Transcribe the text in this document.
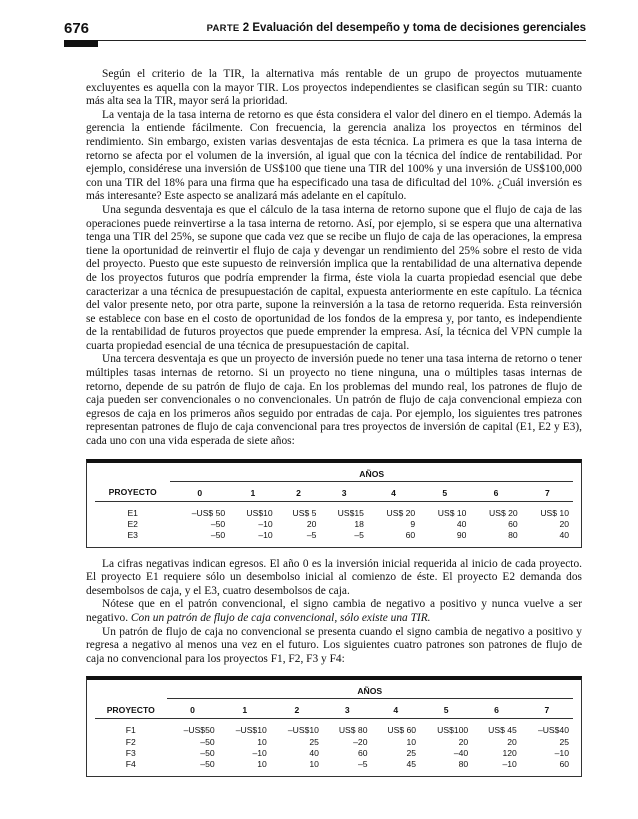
676	PARTE 2 Evaluación del desempeño y toma de decisiones gerenciales

Según el criterio de la TIR, la alternativa más rentable de un grupo de proyectos mutuamente excluyentes es aquella con la mayor TIR. Los proyectos independientes se clasifican según su TIR: cuanto más alta sea la TIR, mayor será la prioridad.

La ventaja de la tasa interna de retorno es que ésta considera el valor del dinero en el tiempo. Además la gerencia la entiende fácilmente. Con frecuencia, la gerencia analiza los proyectos en términos del rendimiento. Sin embargo, existen varias desventajas de esta técnica. La primera es que la tasa interna de retorno se afecta por el volumen de la inversión, al igual que con la técnica del índice de rentabilidad. Por ejemplo, considérese una inversión de US$100 que tiene una TIR del 100% y una inversión de US$100,000 con una TIR del 18% para una firma que ha especificado una tasa de dificultad del 10%. ¿Cuál inversión es más interesante? Este aspecto se analizará más adelante en el capítulo.

Una segunda desventaja es que el cálculo de la tasa interna de retorno supone que el flujo de caja de las operaciones puede reinvertirse a la tasa interna de retorno. Así, por ejemplo, si se espera que una alternativa tenga una TIR del 25%, se supone que cada vez que se recibe un flujo de caja de las operaciones, la empresa tiene la oportunidad de reinvertir el flujo de caja y devengar un rendimiento del 25% sobre el resto de vida del proyecto. Puesto que este supuesto de reinversión implica que la rentabilidad de una alternativa depende de los proyectos futuros que podría emprender la firma, éste viola la cuarta propiedad esencial que debe caracterizar a una técnica de presupuestación de capital, expuesta anteriormente en este capítulo. La técnica del valor presente neto, por otra parte, supone la reinversión a la tasa de retorno requerida. Esta reinversión se establece con base en el costo de oportunidad de los fondos de la empresa y, por tanto, es independiente de la rentabilidad de futuros proyectos que puede emprender la empresa. Así, la técnica del VPN cumple la cuarta propiedad esencial de una técnica de presupuestación de capital.

Una tercera desventaja es que un proyecto de inversión puede no tener una tasa interna de retorno o tener múltiples tasas internas de retorno. Si un proyecto no tiene ninguna, una o múltiples tasas internas de retorno, depende de su patrón de flujo de caja. En los problemas del mundo real, los patrones de flujo de caja pueden ser convencionales o no convencionales. Un patrón de flujo de caja convencional empieza con egresos de caja en los primeros años seguido por entradas de caja. Por ejemplo, los siguientes tres patrones representan patrones de flujo de caja convencional para tres proyectos de inversión de capital (E1, E2 y E3), cada uno con una vida esperada de siete años:

	AÑOS							
PROYECTO	0	1	2	3	4	5	6	7
E1	–US$ 50	US$10	US$ 5	US$15	US$ 20	US$ 10	US$ 20	US$ 10
E2	–50	–10	20	18	9	40	60	20
E3	–50	–10	–5	–5	60	90	80	40

La cifras negativas indican egresos. El año 0 es la inversión inicial requerida al inicio de cada proyecto. El proyecto E1 requiere sólo un desembolso inicial al comienzo de éste. El proyecto E2 demanda dos desembolsos de caja, y el E3, cuatro desembolsos de caja.

Nótese que en el patrón convencional, el signo cambia de negativo a positivo y nunca vuelve a ser negativo. Con un patrón de flujo de caja convencional, sólo existe una TIR.

Un patrón de flujo de caja no convencional se presenta cuando el signo cambia de negativo a positivo y regresa a negativo al menos una vez en el futuro. Los siguientes cuatro patrones son patrones de flujo de caja no convencional para los proyectos F1, F2, F3 y F4:

	AÑOS							
PROYECTO	0	1	2	3	4	5	6	7
F1	–US$50	–US$10	–US$10	US$ 80	US$ 60	US$100	US$ 45	–US$40
F2	–50	10	25	–20	10	20	20	25
F3	–50	–10	40	60	25	–40	120	–10
F4	–50	10	10	–5	45	80	–10	60
